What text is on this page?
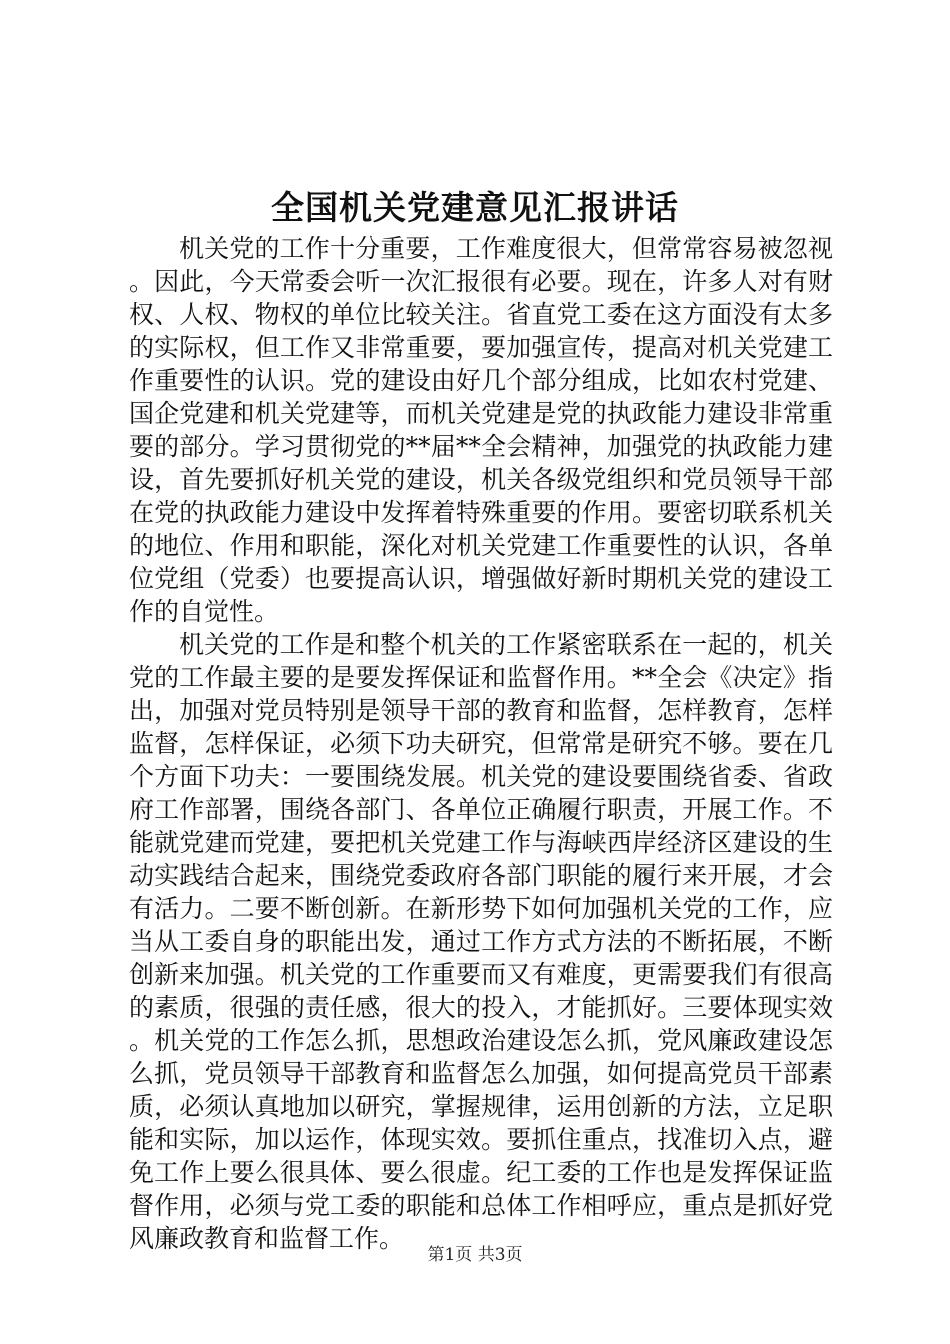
全国机关党建意见汇报讲话

机关党的工作十分重要，工作难度很大，但常常容易被忽视。因此，今天常委会听一次汇报很有必要。现在，许多人对有财权、人权、物权的单位比较关注。省直党工委在这方面没有太多的实际权，但工作又非常重要，要加强宣传，提高对机关党建工作重要性的认识。党的建设由好几个部分组成，比如农村党建、国企党建和机关党建等，而机关党建是党的执政能力建设非常重要的部分。学习贯彻党的**届**全会精神，加强党的执政能力建设，首先要抓好机关党的建设，机关各级党组织和党员领导干部在党的执政能力建设中发挥着特殊重要的作用。要密切联系机关的地位、作用和职能，深化对机关党建工作重要性的认识，各单位党组（党委）也要提高认识，增强做好新时期机关党的建设工作的自觉性。

机关党的工作是和整个机关的工作紧密联系在一起的，机关党的工作最主要的是要发挥保证和监督作用。**全会《决定》指出，加强对党员特别是领导干部的教育和监督，怎样教育，怎样监督，怎样保证，必须下功夫研究，但常常是研究不够。要在几个方面下功夫：一要围绕发展。机关党的建设要围绕省委、省政府工作部署，围绕各部门、各单位正确履行职责，开展工作。不能就党建而党建，要把机关党建工作与海峡西岸经济区建设的生动实践结合起来，围绕党委政府各部门职能的履行来开展，才会有活力。二要不断创新。在新形势下如何加强机关党的工作，应当从工委自身的职能出发，通过工作方式方法的不断拓展，不断创新来加强。机关党的工作重要而又有难度，更需要我们有很高的素质，很强的责任感，很大的投入，才能抓好。三要体现实效。机关党的工作怎么抓，思想政治建设怎么抓，党风廉政建设怎么抓，党员领导干部教育和监督怎么加强，如何提高党员干部素质，必须认真地加以研究，掌握规律，运用创新的方法，立足职能和实际，加以运作，体现实效。要抓住重点，找准切入点，避免工作上要么很具体、要么很虚。纪工委的工作也是发挥保证监督作用，必须与党工委的职能和总体工作相呼应，重点是抓好党风廉政教育和监督工作。

第1页 共3页
